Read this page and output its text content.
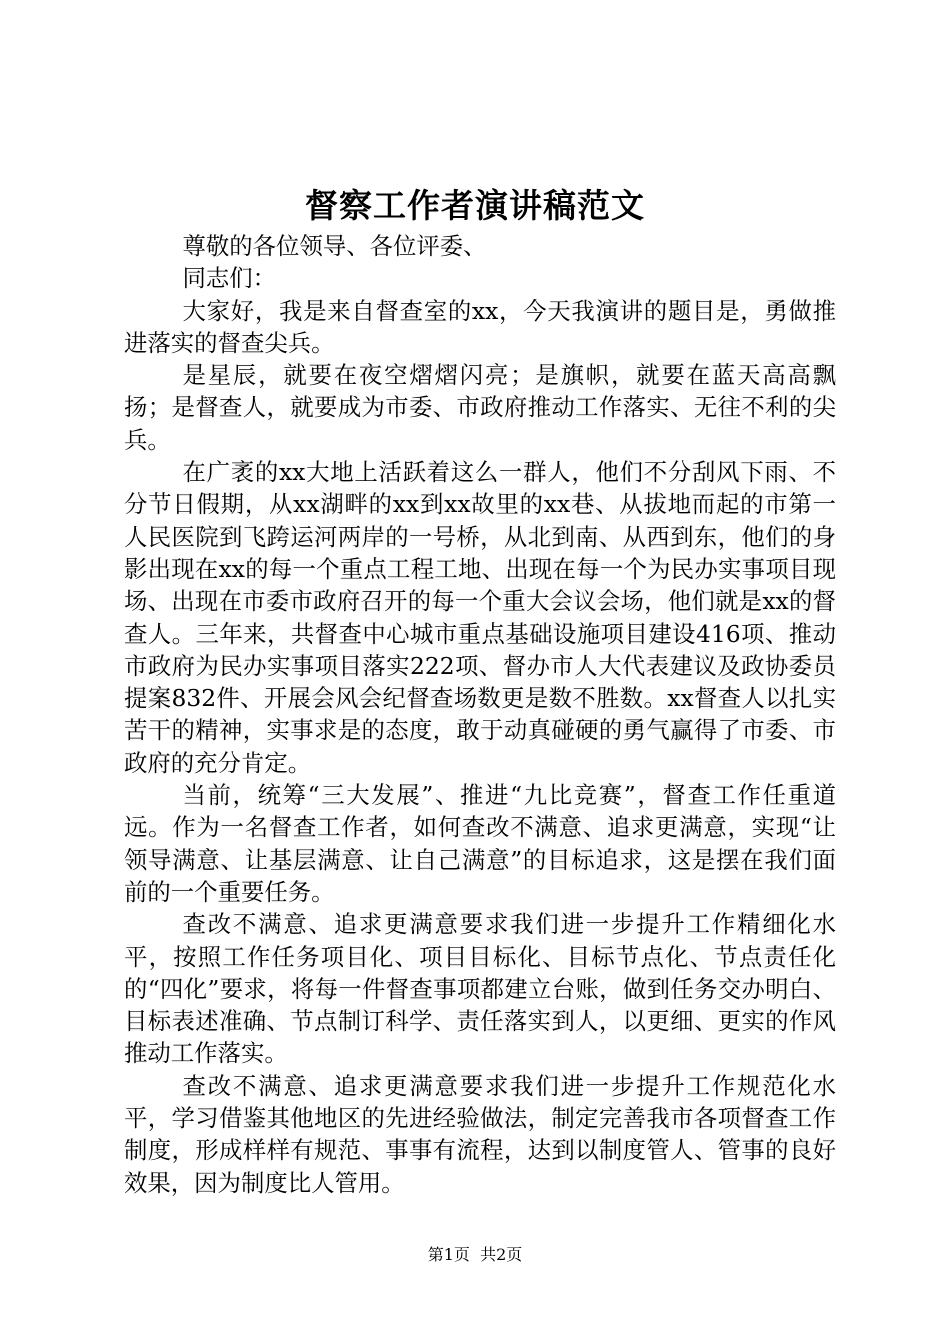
督察工作者演讲稿范文

尊敬的各位领导、各位评委、

同志们：

大家好，我是来自督查室的xx，今天我演讲的题目是，勇做推进落实的督查尖兵。

是星辰，就要在夜空熠熠闪亮；是旗帜，就要在蓝天高高飘扬；是督查人，就要成为市委、市政府推动工作落实、无往不利的尖兵。

在广袤的xx大地上活跃着这么一群人，他们不分刮风下雨、不分节日假期，从xx湖畔的xx到xx故里的xx巷、从拔地而起的市第一人民医院到飞跨运河两岸的一号桥，从北到南、从西到东，他们的身影出现在xx的每一个重点工程工地、出现在每一个为民办实事项目现场、出现在市委市政府召开的每一个重大会议会场，他们就是xx的督查人。三年来，共督查中心城市重点基础设施项目建设416项、推动市政府为民办实事项目落实222项、督办市人大代表建议及政协委员提案832件、开展会风会纪督查场数更是数不胜数。xx督查人以扎实苦干的精神，实事求是的态度，敢于动真碰硬的勇气赢得了市委、市政府的充分肯定。

当前，统筹“三大发展”、推进“九比竞赛”，督查工作任重道远。作为一名督查工作者，如何查改不满意、追求更满意，实现“让领导满意、让基层满意、让自己满意”的目标追求，这是摆在我们面前的一个重要任务。

查改不满意、追求更满意要求我们进一步提升工作精细化水平，按照工作任务项目化、项目目标化、目标节点化、节点责任化的“四化”要求，将每一件督查事项都建立台账，做到任务交办明白、目标表述准确、节点制订科学、责任落实到人，以更细、更实的作风推动工作落实。

查改不满意、追求更满意要求我们进一步提升工作规范化水平，学习借鉴其他地区的先进经验做法，制定完善我市各项督查工作制度，形成样样有规范、事事有流程，达到以制度管人、管事的良好效果，因为制度比人管用。

第1页  共2页
